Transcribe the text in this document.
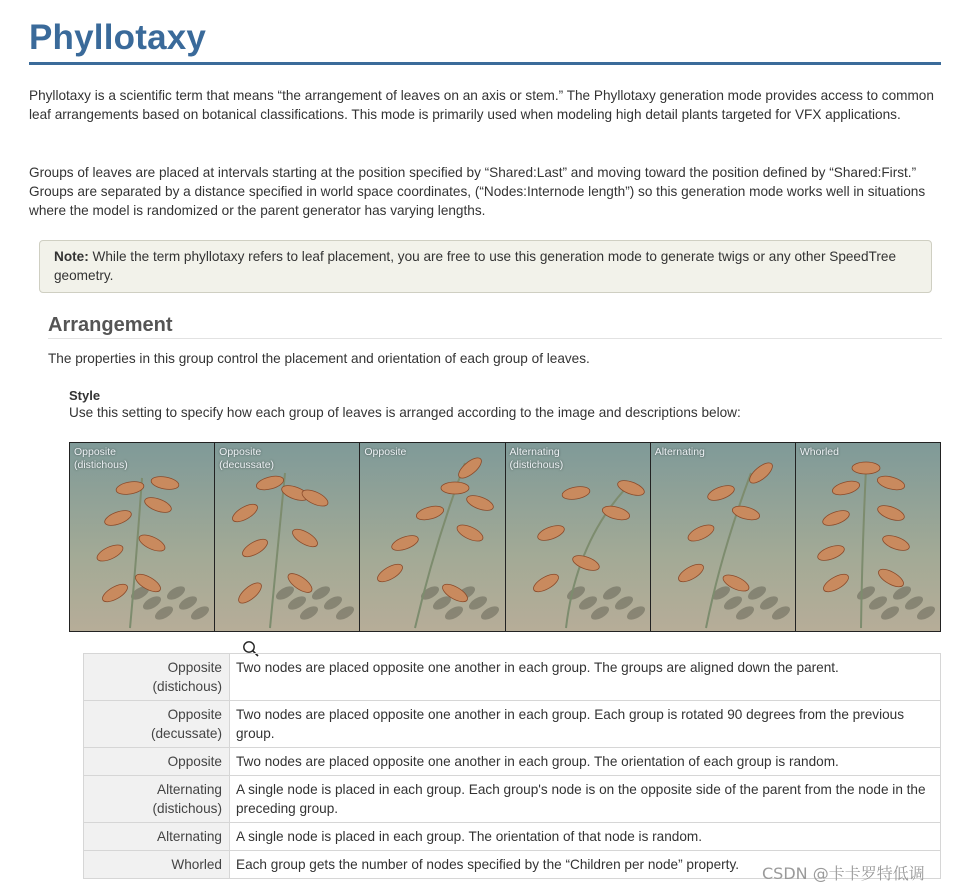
Phyllotaxy

Phyllotaxy is a scientific term that means “the arrangement of leaves on an axis or stem.” The Phyllotaxy generation mode provides access to common leaf arrangements based on botanical classifications. This mode is primarily used when modeling high detail plants targeted for VFX applications.

Groups of leaves are placed at intervals starting at the position specified by “Shared:Last” and moving toward the position defined by “Shared:First.” Groups are separated by a distance specified in world space coordinates, (“Nodes:Internode length”) so this generation mode works well in situations where the model is randomized or the parent generator has varying lengths.

Note: While the term phyllotaxy refers to leaf placement, you are free to use this generation mode to generate twigs or any other SpeedTree geometry.
Arrangement

The properties in this group control the placement and orientation of each group of leaves.

Style
Use this setting to specify how each group of leaves is arranged according to the image and descriptions below:
Opposite
(distichous)
Opposite
(decussate)
Opposite	Alternating
(distichous)
Alternating	Whorled
Opposite
(distichous)	Two nodes are placed opposite one another in each group. The groups are aligned down the parent.
Opposite
(decussate)	Two nodes are placed opposite one another in each group. Each group is rotated 90 degrees from the previous group.
Opposite	Two nodes are placed opposite one another in each group. The orientation of each group is random.
Alternating
(distichous)	A single node is placed in each group. Each group's node is on the opposite side of the parent from the node in the preceding group.
Alternating	A single node is placed in each group. The orientation of that node is random.
Whorled	Each group gets the number of nodes specified by the “Children per node” property. CSDN @卡卡罗特低调
